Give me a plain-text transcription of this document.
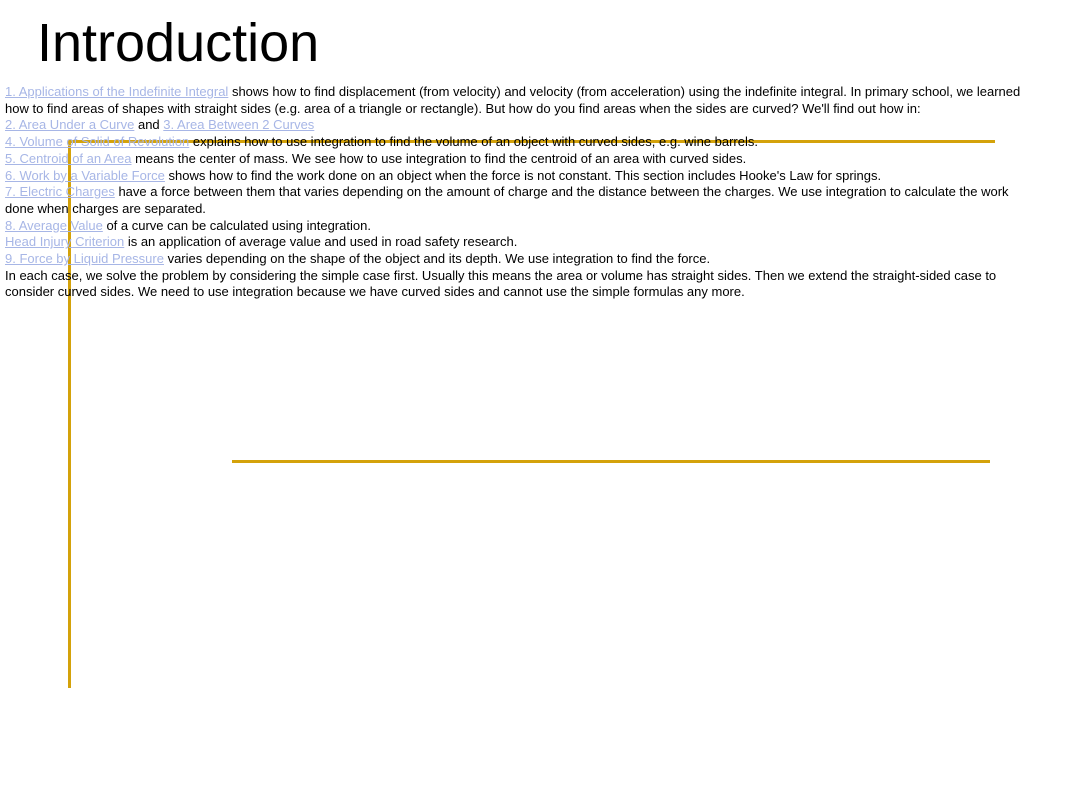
Introduction

1. Applications of the Indefinite Integral shows how to find displacement (from velocity) and velocity (from acceleration) using the indefinite integral. In primary school, we learned how to find areas of shapes with straight sides (e.g. area of a triangle or rectangle). But how do you find areas when the sides are curved? We'll find out how in:

2. Area Under a Curve and 3. Area Between 2 Curves

4. Volume of Solid of Revolution explains how to use integration to find the volume of an object with curved sides, e.g. wine barrels.

5. Centroid of an Area means the center of mass. We see how to use integration to find the centroid of an area with curved sides.

6. Work by a Variable Force shows how to find the work done on an object when the force is not constant. This section includes Hooke's Law for springs.

7. Electric Charges have a force between them that varies depending on the amount of charge and the distance between the charges. We use integration to calculate the work done when charges are separated.

8. Average Value of a curve can be calculated using integration.

Head Injury Criterion is an application of average value and used in road safety research.

9. Force by Liquid Pressure varies depending on the shape of the object and its depth. We use integration to find the force.

In each case, we solve the problem by considering the simple case first. Usually this means the area or volume has straight sides. Then we extend the straight-sided case to consider curved sides. We need to use integration because we have curved sides and cannot use the simple formulas any more.
